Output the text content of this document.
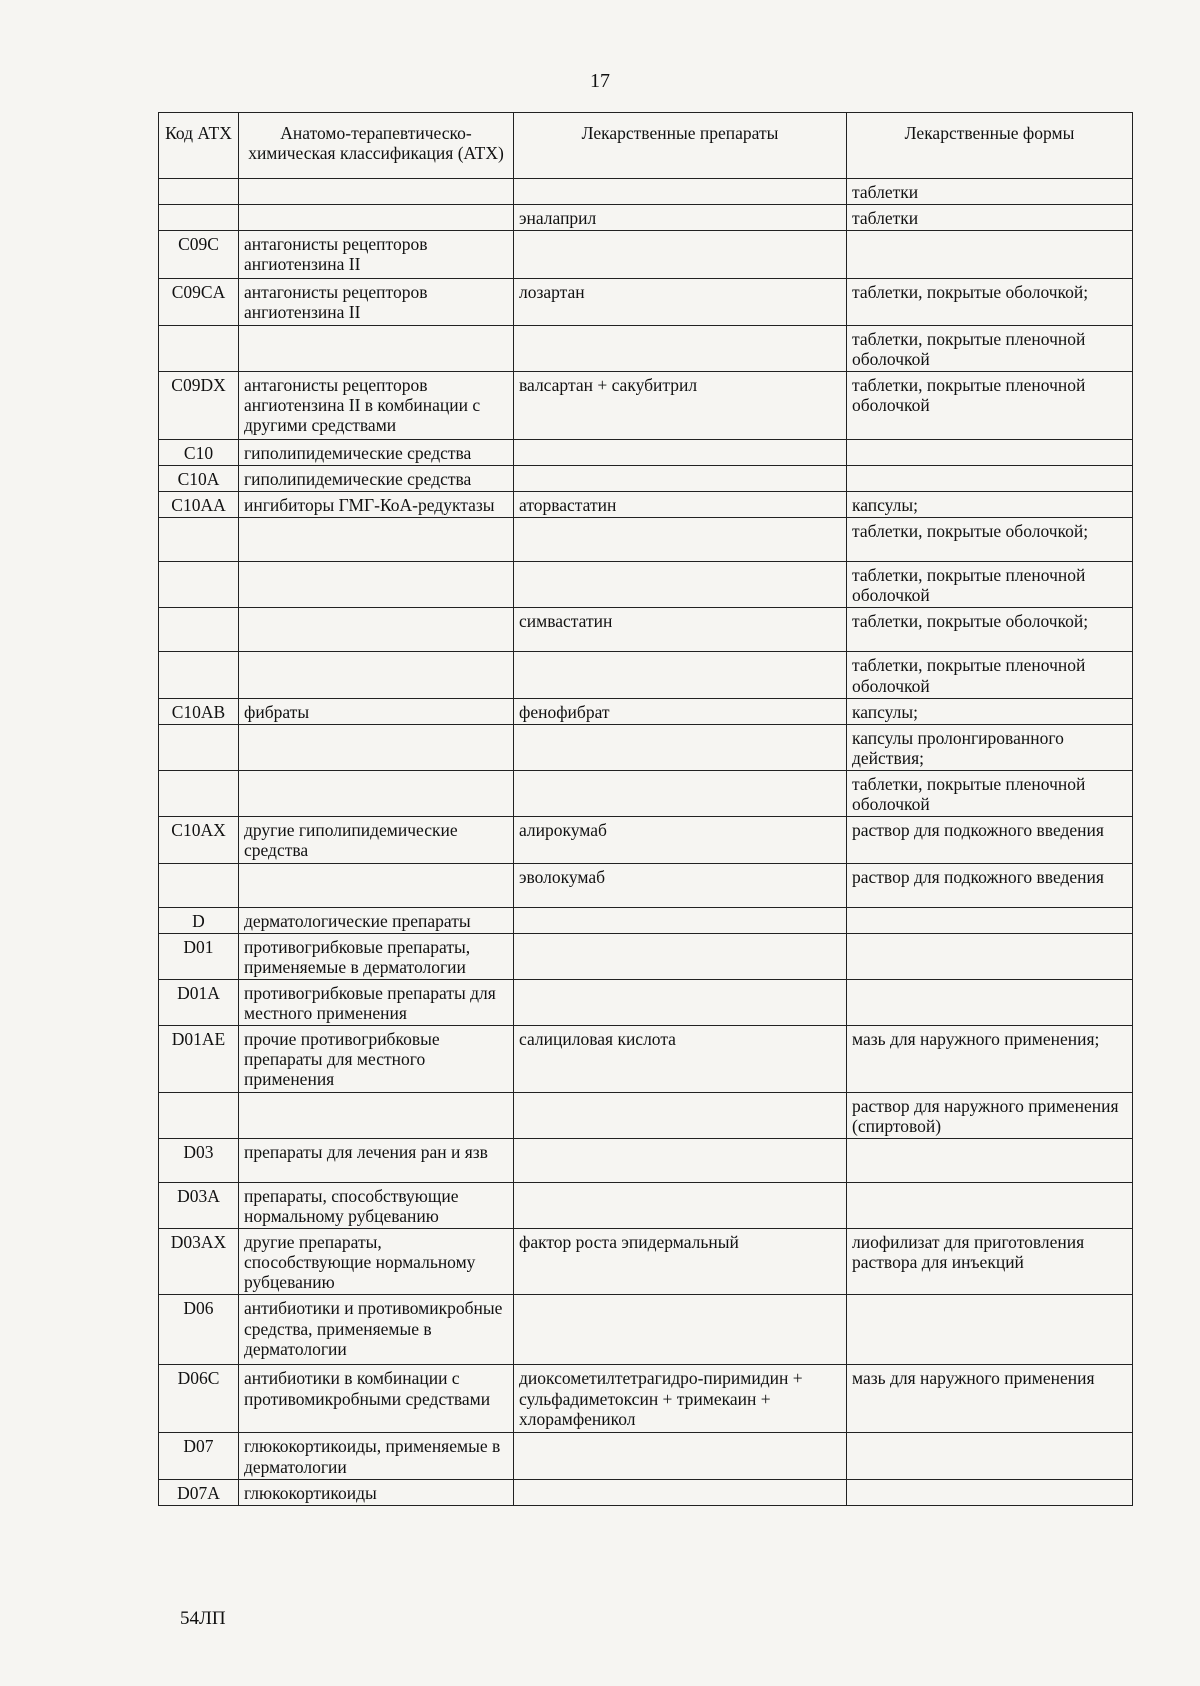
17
Код АТХ	Анатомо-терапевтическо-химическая классификация (АТХ)	Лекарственные препараты	Лекарственные формы
			таблетки
		эналаприл	таблетки
C09C	антагонисты рецепторов ангиотензина II		
C09CA	антагонисты рецепторов ангиотензина II	лозартан	таблетки, покрытые оболочкой;
			таблетки, покрытые пленочной оболочкой
C09DX	антагонисты рецепторов ангиотензина II в комбинации с другими средствами	валсартан + сакубитрил	таблетки, покрытые пленочной оболочкой
C10	гиполипидемические средства		
C10A	гиполипидемические средства		
C10AA	ингибиторы ГМГ-КоА-редуктазы	аторвастатин	капсулы;
			таблетки, покрытые оболочкой;
			таблетки, покрытые пленочной оболочкой
		симвастатин	таблетки, покрытые оболочкой;
			таблетки, покрытые пленочной оболочкой
C10AB	фибраты	фенофибрат	капсулы;
			капсулы пролонгированного действия;
			таблетки, покрытые пленочной оболочкой
C10AX	другие гиполипидемические средства	алирокумаб	раствор для подкожного введения
		эволокумаб	раствор для подкожного введения
D	дерматологические препараты		
D01	противогрибковые препараты, применяемые в дерматологии		
D01A	противогрибковые препараты для местного применения		
D01AE	прочие противогрибковые препараты для местного применения	салициловая кислота	мазь для наружного применения;
			раствор для наружного применения (спиртовой)
D03	препараты для лечения ран и язв		
D03A	препараты, способствующие нормальному рубцеванию		
D03AX	другие препараты, способствующие нормальному рубцеванию	фактор роста эпидермальный	лиофилизат для приготовления раствора для инъекций
D06	антибиотики и противомикробные средства, применяемые в дерматологии		
D06C	антибиотики в комбинации с противомикробными средствами	диоксометилтетрагидро-пиримидин + сульфадиметоксин + тримекаин + хлорамфеникол	мазь для наружного применения
D07	глюкокортикоиды, применяемые в дерматологии		
D07A	глюкокортикоиды		
54ЛП
